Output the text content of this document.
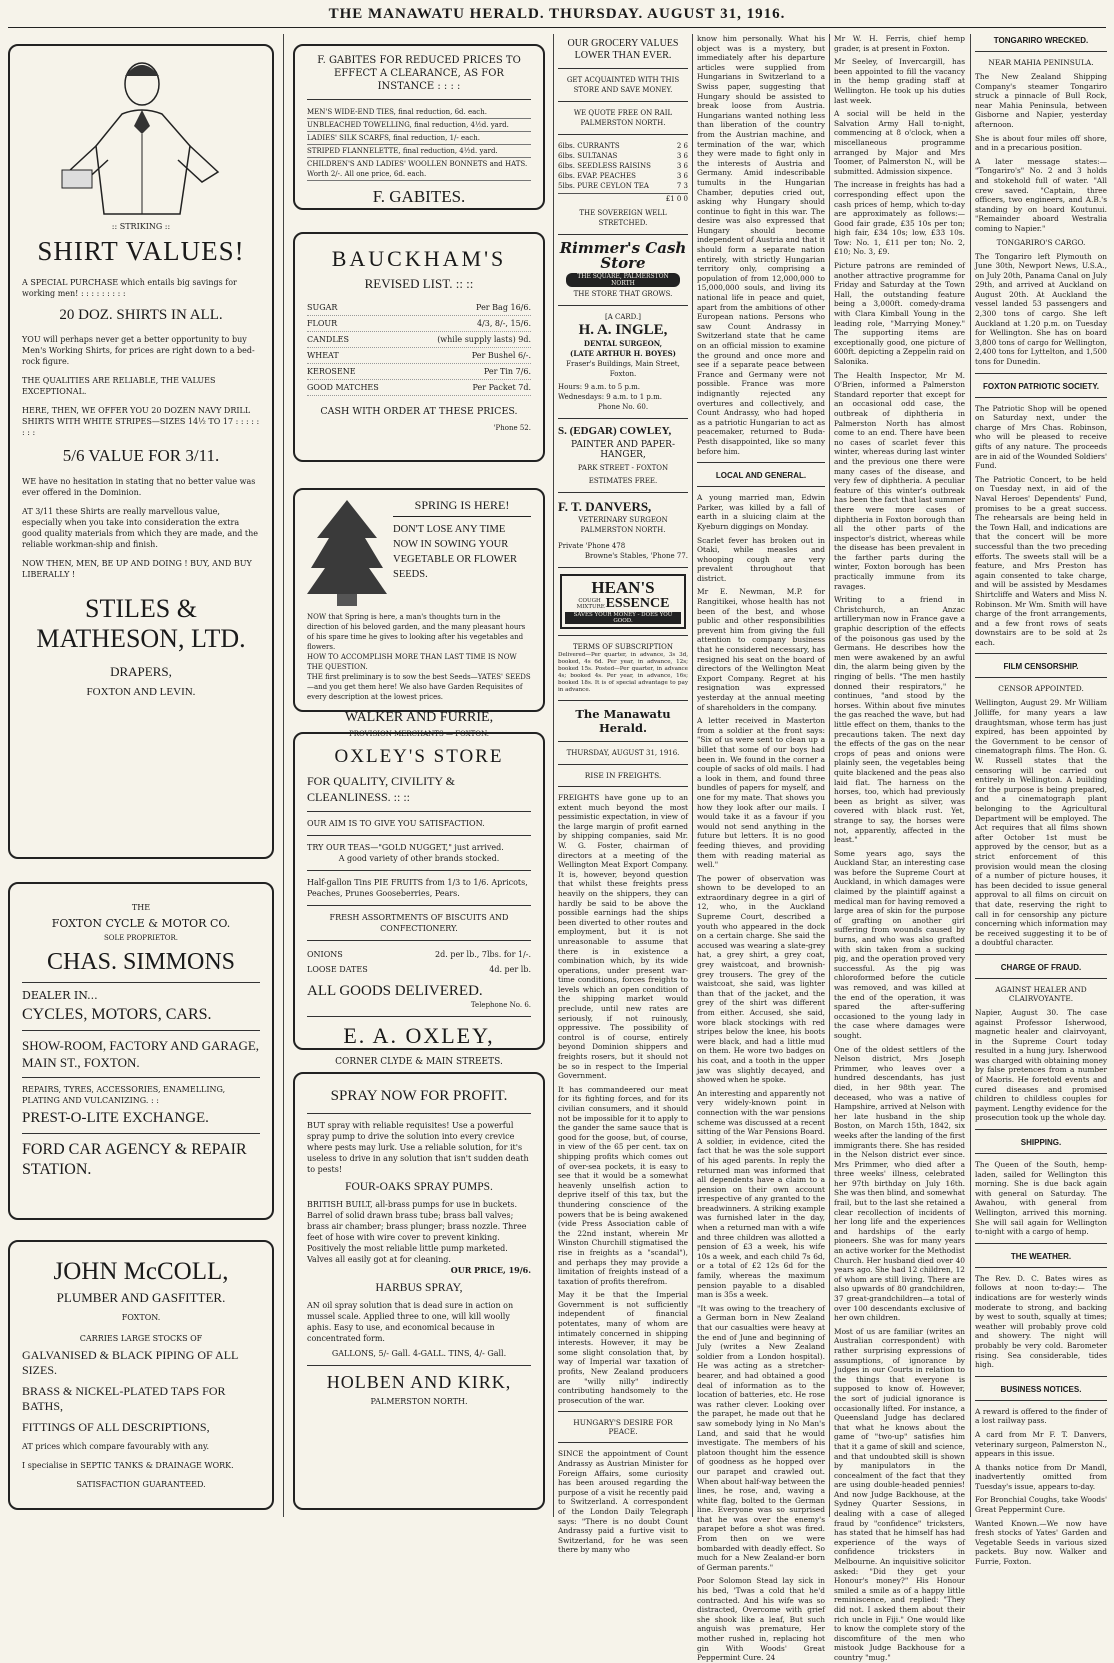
THE MANAWATU HERALD. THURSDAY. AUGUST 31, 1916.
:: STRIKING ::
SHIRT VALUES!
A SPECIAL PURCHASE which entails big savings for working men! : : : : : : : : :
20 DOZ. SHIRTS IN ALL.
YOU will perhaps never get a better opportunity to buy Men's Working Shirts, for prices are right down to a bed-rock figure.
THE QUALITIES ARE RELIABLE, THE VALUES EXCEPTIONAL.
HERE, THEN, WE OFFER YOU 20 DOZEN NAVY DRILL SHIRTS WITH WHITE STRIPES—SIZES 14½ TO 17 : : : : : : : :
5/6 VALUE FOR 3/11.
WE have no hesitation in stating that no better value was ever offered in the Dominion.
AT 3/11 these Shirts are really marvellous value, especially when you take into consideration the extra good quality materials from which they are made, and the reliable workman-ship and finish.
NOW THEN, MEN, BE UP AND DOING ! BUY, AND BUY LIBERALLY !
STILES & MATHESON, LTD.
DRAPERS,
FOXTON AND LEVIN.
THE
FOXTON CYCLE & MOTOR CO.
SOLE PROPRIETOR.
CHAS. SIMMONS
DEALER IN...
CYCLES, MOTORS, CARS.
SHOW-ROOM, FACTORY AND GARAGE, MAIN ST., FOXTON.
REPAIRS, TYRES, ACCESSORIES, ENAMELLING, PLATING AND VULCANIZING. : :
PREST-O-LITE EXCHANGE.
FORD CAR AGENCY & REPAIR STATION.
JOHN McCOLL,
PLUMBER AND GASFITTER.
FOXTON.
CARRIES LARGE STOCKS OF
GALVANISED & BLACK PIPING OF ALL SIZES.
BRASS & NICKEL-PLATED TAPS FOR BATHS,
FITTINGS OF ALL DESCRIPTIONS,
AT prices which compare favourably with any.
I specialise in SEPTIC TANKS & DRAINAGE WORK.
SATISFACTION GUARANTEED.
F. GABITES FOR REDUCED PRICES TO EFFECT A CLEARANCE, AS FOR INSTANCE : : : :
MEN'S WIDE-END TIES, final reduction, 6d. each.
UNBLEACHED TOWELLING, final reduction, 4½d. yard.
LADIES' SILK SCARFS, final reduction, 1/- each.
STRIPED FLANNELETTE, final reduction, 4½d. yard.
CHILDREN'S AND LADIES' WOOLLEN BONNETS and HATS. Worth 2/-. All one price, 6d. each.
F. GABITES.
BAUCKHAM'S
REVISED LIST. :: ::
SUGAR	Per Bag 16/6.
FLOUR	4/3, 8/-, 15/6.
CANDLES	(while supply lasts) 9d.
WHEAT	Per Bushel 6/-.
KEROSENE	Per Tin 7/6.
GOOD MATCHES	Per Packet 7d.
CASH WITH ORDER AT THESE PRICES.
'Phone 52.
SPRING IS HERE!
DON'T LOSE ANY TIME NOW IN SOWING YOUR VEGETABLE OR FLOWER SEEDS.
NOW that Spring is here, a man's thoughts turn in the direction of his beloved garden, and the many pleasant hours of his spare time he gives to looking after his vegetables and flowers.
HOW TO ACCOMPLISH MORE THAN LAST TIME IS NOW THE QUESTION.
THE first preliminary is to sow the best Seeds—YATES' SEEDS—and you get them here! We also have Garden Requisites of every description at the lowest prices.
WALKER AND FURRIE,
PROVISION MERCHANTS — FOXTON.
OXLEY'S STORE
FOR QUALITY, CIVILITY & CLEANLINESS. :: ::
OUR AIM IS TO GIVE YOU SATISFACTION.
TRY OUR TEAS—"GOLD NUGGET," just arrived.
A good variety of other brands stocked.
Half-gallon Tins PIE FRUITS from 1/3 to 1/6. Apricots, Peaches, Prunes Gooseberries, Pears.
FRESH ASSORTMENTS OF BISCUITS AND CONFECTIONERY.
ONIONS	2d. per lb., 7lbs. for 1/-.
LOOSE DATES	4d. per lb.
ALL GOODS DELIVERED.
Telephone No. 6.
E. A. OXLEY,
CORNER CLYDE & MAIN STREETS.
SPRAY NOW FOR PROFIT.
BUT spray with reliable requisites! Use a powerful spray pump to drive the solution into every crevice where pests may lurk. Use a reliable solution, for it's useless to drive in any solution that isn't sudden death to pests!
FOUR-OAKS SPRAY PUMPS.
BRITISH BUILT, all-brass pumps for use in buckets. Barrel of solid drawn brass tube; brass ball valves; brass air chamber; brass plunger; brass nozzle. Three feet of hose with wire cover to prevent kinking. Positively the most reliable little pump marketed. Valves all easily got at for cleaning.
OUR PRICE, 19/6.
HARBUS SPRAY,
AN oil spray solution that is dead sure in action on mussel scale. Applied three to one, will kill woolly aphis. Easy to use, and economical because in concentrated form.
GALLONS, 5/- Gall. 4-GALL. TINS, 4/- Gall.
HOLBEN AND KIRK,
PALMERSTON NORTH.
OUR GROCERY VALUES LOWER THAN EVER.
GET ACQUAINTED WITH THIS STORE AND SAVE MONEY.
WE QUOTE FREE ON RAIL PALMERSTON NORTH.
6lbs. CURRANTS	2 6
6lbs. SULTANAS	3 6
6lbs. SEEDLESS RAISINS	3 6
6lbs. EVAP. PEACHES	3 6
5lbs. PURE CEYLON TEA	7 3
£1 0 0
THE SOVEREIGN WELL STRETCHED.
Rimmer's Cash Store
THE SQUARE, PALMERSTON NORTH
THE STORE THAT GROWS.
[A CARD.]
H. A. INGLE,
DENTAL SURGEON,
(LATE ARTHUR H. BOYES)
Fraser's Buildings, Main Street, Foxton.
Hours: 9 a.m. to 5 p.m. Wednesdays: 9 a.m. to 1 p.m.
Phone No. 60.
S. (EDGAR) COWLEY,
PAINTER AND PAPER-HANGER,
PARK STREET - FOXTON
ESTIMATES FREE.
F. T. DANVERS,
VETERINARY SURGEON
PALMERSTON NORTH.
Private 'Phone 478
Browne's Stables, 'Phone 77.
HEAN'S
COUGH MIXTURE ESSENCE
SAVES YOUR MONEY - DOES YOU GOOD.
TERMS OF SUBSCRIPTION
Delivered—Per quarter, in advance, 3s 3d, booked, 4s 6d. Per year, in advance, 12s; booked 15s. Posted—Per quarter, in advance 4s; booked 4s. Per year, in advance, 16s; booked 18s. It is of special advantage to pay in advance.
The Manawatu Herald.
THURSDAY, AUGUST 31, 1916.
RISE IN FREIGHTS.

FREIGHTS have gone up to an extent much beyond the most pessimistic expectation, in view of the large margin of profit earned by shipping companies, said Mr. W. G. Foster, chairman of directors at a meeting of the Wellington Meat Export Company. It is, however, beyond question that whilst these freights press heavily on the shippers, they can hardly be said to be above the possible earnings had the ships been diverted to other routes and employment, but it is not unreasonable to assume that there is in existence a combination which, by its wide operations, under present war-time conditions, forces freights to levels which an open condition of the shipping market would preclude, until new rates are seriously, if not ruinously, oppressive. The possibility of control is of course, entirely beyond Dominion shippers and freights rosers, but it should not be so in respect to the Imperial Government.

It has commandeered our meat for its fighting forces, and for its civilian consumers, and it should not be impossible for it to apply to the gander the same sauce that is good for the goose, but, of course, in view of the 65 per cent. tax on shipping profits which comes out of over-sea pockets, it is easy to see that it would be a somewhat heavenly unselfish action to deprive itself of this tax, but the thundering conscience of the powers that be is being awakened (vide Press Association cable of the 22nd instant, wherein Mr Winston Churchill stigmatised the rise in freights as a "scandal"), and perhaps they may provide a limitation of freights instead of a taxation of profits therefrom.

May it be that the Imperial Government is not sufficiently independent of financial potentates, many of whom are intimately concerned in shipping interests. However, it may be some slight consolation that, by way of Imperial war taxation of profits, New Zealand producers are "willy nilly" indirectly contributing handsomely to the prosecution of the war.

HUNGARY'S DESIRE FOR PEACE.

SINCE the appointment of Count Andrassy as Austrian Minister for Foreign Affairs, some curiosity has been aroused regarding the purpose of a visit he recently paid to Switzerland. A correspondent of the London Daily Telegraph says: "There is no doubt Count Andrassy paid a furtive visit to Switzerland, for he was seen there by many who

know him personally. What his object was is a mystery, but immediately after his departure articles were supplied from Hungarians in Switzerland to a Swiss paper, suggesting that Hungary should be assisted to break loose from Austria. Hungarians wanted nothing less than liberation of the country from the Austrian machine, and termination of the war, which they were made to fight only in the interests of Austria and Germany. Amid indescribable tumults in the Hungarian Chamber, deputies cried out, asking why Hungary should continue to fight in this war. The desire was also expressed that Hungary should become independent of Austria and that it should form a separate nation entirely, with strictly Hungarian territory only, comprising a population of from 12,000,000 to 15,000,000 souls, and living its national life in peace and quiet, apart from the ambitions of other European nations. Persons who saw Count Andrassy in Switzerland state that he came on an official mission to examine the ground and once more and see if a separate peace between France and Germany were not possible. France was more indignantly rejected any overtures and collectively, and Count Andrassy, who had hoped as a patriotic Hungarian to act as peacemaker, returned to Buda-Pesth disappointed, like so many before him.

LOCAL AND GENERAL.

A young married man, Edwin Parker, was killed by a fall of earth in a sluicing claim at the Kyeburn diggings on Monday.

Scarlet fever has broken out in Otaki, while measles and whooping cough are very prevalent throughout that district.

Mr E. Newman, M.P. for Rangitikei, whose health has not been of the best, and whose public and other responsibilities prevent him from giving the full attention to company business that he considered necessary, has resigned his seat on the board of directors of the Wellington Meat Export Company. Regret at his resignation was expressed yesterday at the annual meeting of shareholders in the company.

A letter received in Masterton from a soldier at the front says: "Six of us were sent to clean up a billet that some of our boys had been in. We found in the corner a couple of sacks of old mails. I had a look in them, and found three bundles of papers for myself, and one for my mate. That shows you how they look after our mails. I would take it as a favour if you would not send anything in the future but letters. It is no good feeding thieves, and providing them with reading material as well."

The power of observation was shown to be developed to an extraordinary degree in a girl of 12, who, in the Auckland Supreme Court, described a youth who appeared in the dock on a certain charge. She said the accused was wearing a slate-grey hat, a grey shirt, a grey coat, grey waistcoat, and brownish-grey trousers. The grey of the waistcoat, she said, was lighter than that of the jacket, and the grey of the shirt was different from either. Accused, she said, wore black stockings with red stripes below the knee, his boots were black, and had a little mud on them. He wore two badges on his coat, and a tooth in the upper jaw was slightly decayed, and showed when he spoke.

An interesting and apparently not very widely-known point in connection with the war pensions scheme was discussed at a recent sitting of the War Pensions Board. A soldier, in evidence, cited the fact that he was the sole support of his aged parents. In reply the returned man was informed that all dependents have a claim to a pension on their own account irrespective of any granted to the breadwinners. A striking example was furnished later in the day, when a returned man with a wife and three children was allotted a pension of £3 a week, his wife 10s a week, and each child 7s 6d, or a total of £2 12s 6d for the family, whereas the maximum pension payable to a disabled man is 35s a week.

"It was owing to the treachery of a German born in New Zealand that our casualties were heavy at the end of June and beginning of July (writes a New Zealand soldier from a London hospital). He was acting as a stretcher-bearer, and had obtained a good deal of information as to the location of batteries, etc. He rose was rather clever. Looking over the parapet, he made out that he saw somebody lying in No Man's Land, and said that he would investigate. The members of his platoon thought him the essence of goodness as he hopped over our parapet and crawled out. When about half-way between the lines, he rose, and, waving a white flag, bolted to the German line. Everyone was so surprised that he was over the enemy's parapet before a shot was fired. From then on we were bombarded with deadly effect. So much for a New Zealand-er born of German parents."

Poor Solomon Stead lay sick in his bed, 'Twas a cold that he'd contracted. And his wife was so distracted, Overcome with grief she shook like a leaf, But such anguish was premature, Her mother rushed in, replacing hot gin With Woods' Great Peppermint Cure. 24

Mr W. H. Ferris, chief hemp grader, is at present in Foxton.

Mr Seeley, of Invercargill, has been appointed to fill the vacancy in the hemp grading staff at Wellington. He took up his duties last week.

A social will be held in the Salvation Army Hall to-night, commencing at 8 o'clock, when a miscellaneous programme arranged by Major and Mrs Toomer, of Palmerston N., will be submitted. Admission sixpence.

The increase in freights has had a corresponding effect upon the cash prices of hemp, which to-day are approximately as follows:—Good fair grade, £35 10s per ton; high fair, £34 10s; low, £33 10s. Tow: No. 1, £11 per ton; No. 2, £10; No. 3, £9.

Picture patrons are reminded of another attractive programme for Friday and Saturday at the Town Hall, the outstanding feature being a 3,000ft. comedy-drama with Clara Kimball Young in the leading role, "Marrying Money." The supporting items are exceptionally good, one picture of 600ft. depicting a Zeppelin raid on Salonika.

The Health Inspector, Mr M. O'Brien, informed a Palmerston Standard reporter that except for an occasional odd case, the outbreak of diphtheria in Palmerston North has almost come to an end. There have been no cases of scarlet fever this winter, whereas during last winter and the previous one there were many cases of the disease, and very few of diphtheria. A peculiar feature of this winter's outbreak has been the fact that last summer there were more cases of diphtheria in Foxton borough than all the other parts of the inspector's district, whereas while the disease has been prevalent in the farther parts during the winter, Foxton borough has been practically immune from its ravages.

Writing to a friend in Christchurch, an Anzac artilleryman now in France gave a graphic description of the effects of the poisonous gas used by the Germans. He describes how the men were awakened by an awful din, the alarm being given by the ringing of bells. "The men hastily donned their respirators," he continues, "and stood by the horses. Within about five minutes the gas reached the wave, but had little effect on them, thanks to the precautions taken. The next day the effects of the gas on the near crops of peas and onions were plainly seen, the vegetables being quite blackened and the peas also laid flat. The harness on the horses, too, which had previously been as bright as silver, was covered with black rust. Yet, strange to say, the horses were not, apparently, affected in the least."

Some years ago, says the Auckland Star, an interesting case was before the Supreme Court at Auckland, in which damages were claimed by the plaintiff against a medical man for having removed a large area of skin for the purpose of grafting on another girl suffering from wounds caused by burns, and who was also grafted with skin taken from a sucking pig, and the operation proved very successful. As the pig was chloroformed before the cuticle was removed, and was killed at the end of the operation, it was spared the after-suffering occasioned to the young lady in the case where damages were sought.

One of the oldest settlers of the Nelson district, Mrs Joseph Primmer, who leaves over a hundred descendants, has just died, in her 98th year. The deceased, who was a native of Hampshire, arrived at Nelson with her late husband in the ship Boston, on March 15th, 1842, six weeks after the landing of the first immigrants there. She has resided in the Nelson district ever since. Mrs Primmer, who died after a three weeks' illness, celebrated her 97th birthday on July 16th. She was then blind, and somewhat frail, but to the last she retained a clear recollection of incidents of her long life and the experiences and hardships of the early pioneers. She was for many years an active worker for the Methodist Church. Her husband died over 40 years ago. She had 12 children, 12 of whom are still living. There are also upwards of 80 grandchildren, 37 great-grandchildren—a total of over 100 descendants exclusive of her own children.

Most of us are familiar (writes an Australian correspondent) with rather surprising expressions of assumptions, of ignorance by Judges in our Courts in relation to the things that everyone is supposed to know of. However, the sort of judicial ignorance is occasionally lifted. For instance, a Queensland Judge has declared that what he knows about the game of "two-up" satisfies him that it a game of skill and science, and that undoubted skill is shown by manipulators in the concealment of the fact that they are using double-headed pennies! And now Judge Backhouse, at the Sydney Quarter Sessions, in dealing with a case of alleged fraud by "confidence" tricksters, has stated that he himself has had experience of the ways of confidence tricksters in Melbourne. An inquisitive solicitor asked: "Did they get your Honour's money?" His Honour smiled a smile as of a happy little reminiscence, and replied: "They did not. I asked them about their rich uncle in Fiji." One would like to know the complete story of the discomfiture of the men who mistook Judge Backhouse for a country "mug."

TONGARIRO WRECKED.
NEAR MAHIA PENINSULA.

The New Zealand Shipping Company's steamer Tongariro struck a pinnacle of Bull Rock, near Mahia Peninsula, between Gisborne and Napier, yesterday afternoon.

She is about four miles off shore, and in a precarious position.

A later message states:— "Tongariro's" No. 2 and 3 holds and stokehold full of water. "All crew saved. "Captain, three officers, two engineers, and A.B.'s standing by on board Koutunui. "Remainder aboard Westralia coming to Napier."

TONGARIRO'S CARGO.

The Tongariro left Plymouth on June 30th, Newport News, U.S.A., on July 20th, Panama Canal on July 29th, and arrived at Auckland on August 20th. At Auckland the vessel landed 53 passengers and 2,300 tons of cargo. She left Auckland at 1.20 p.m. on Tuesday for Wellington. She has on board 3,800 tons of cargo for Wellington, 2,400 tons for Lyttelton, and 1,500 tons for Dunedin.

FOXTON PATRIOTIC SOCIETY.

The Patriotic Shop will be opened on Saturday next, under the charge of Mrs Chas. Robinson, who will be pleased to receive gifts of any nature. The proceeds are in aid of the Wounded Soldiers' Fund.

The Patriotic Concert, to be held on Tuesday next, in aid of the Naval Heroes' Dependents' Fund, promises to be a great success. The rehearsals are being held in the Town Hall, and indications are that the concert will be more successful than the two preceding efforts. The sweets stall will be a feature, and Mrs Preston has again consented to take charge, and will be assisted by Mesdames Shirtcliffe and Waters and Miss N. Robinson. Mr Wm. Smith will have charge of the front arrangements, and a few front rows of seats downstairs are to be sold at 2s each.

FILM CENSORSHIP.
CENSOR APPOINTED.

Wellington, August 29. Mr William Jolliffe, for many years a law draughtsman, whose term has just expired, has been appointed by the Government to be censor of cinematograph films. The Hon. G. W. Russell states that the censoring will be carried out entirely in Wellington. A building for the purpose is being prepared, and a cinematograph plant belonging to the Agricultural Department will be employed. The Act requires that all films shown after October 1st must be approved by the censor, but as a strict enforcement of this provision would mean the closing of a number of picture houses, it has been decided to issue general approval to all films on circuit on that date, reserving the right to call in for censorship any picture concerning which information may be received suggesting it to be of a doubtful character.

CHARGE OF FRAUD.
AGAINST HEALER AND CLAIRVOYANTE.

Napier, August 30. The case against Professor Isherwood, magnetic healer and clairvoyant, in the Supreme Court today resulted in a hung jury. Isherwood was charged with obtaining money by false pretences from a number of Maoris. He foretold events and cured diseases and promised children to childless couples for payment. Lengthy evidence for the prosecution took up the whole day.

SHIPPING.

The Queen of the South, hemp-laden, sailed for Wellington this morning. She is due back again with general on Saturday. The Awahou, with general from Wellington, arrived this morning. She will sail again for Wellington to-night with a cargo of hemp.

THE WEATHER.

The Rev. D. C. Bates wires as follows at noon to-day:— The indications are for westerly winds moderate to strong, and backing by west to south, squally at times; weather will probably prove cold and showery. The night will probably be very cold. Barometer rising. Sea considerable, tides high.

BUSINESS NOTICES.

A reward is offered to the finder of a lost railway pass.

A card from Mr F. T. Danvers, veterinary surgeon, Palmerston N., appears in this issue.

A thanks notice from Dr Mandl, inadvertently omitted from Tuesday's issue, appears to-day.

For Bronchial Coughs, take Woods' Great Peppermint Cure.

Wanted Known.—We now have fresh stocks of Yates' Garden and Vegetable Seeds in various sized packets. Buy now. Walker and Furrie, Foxton.
